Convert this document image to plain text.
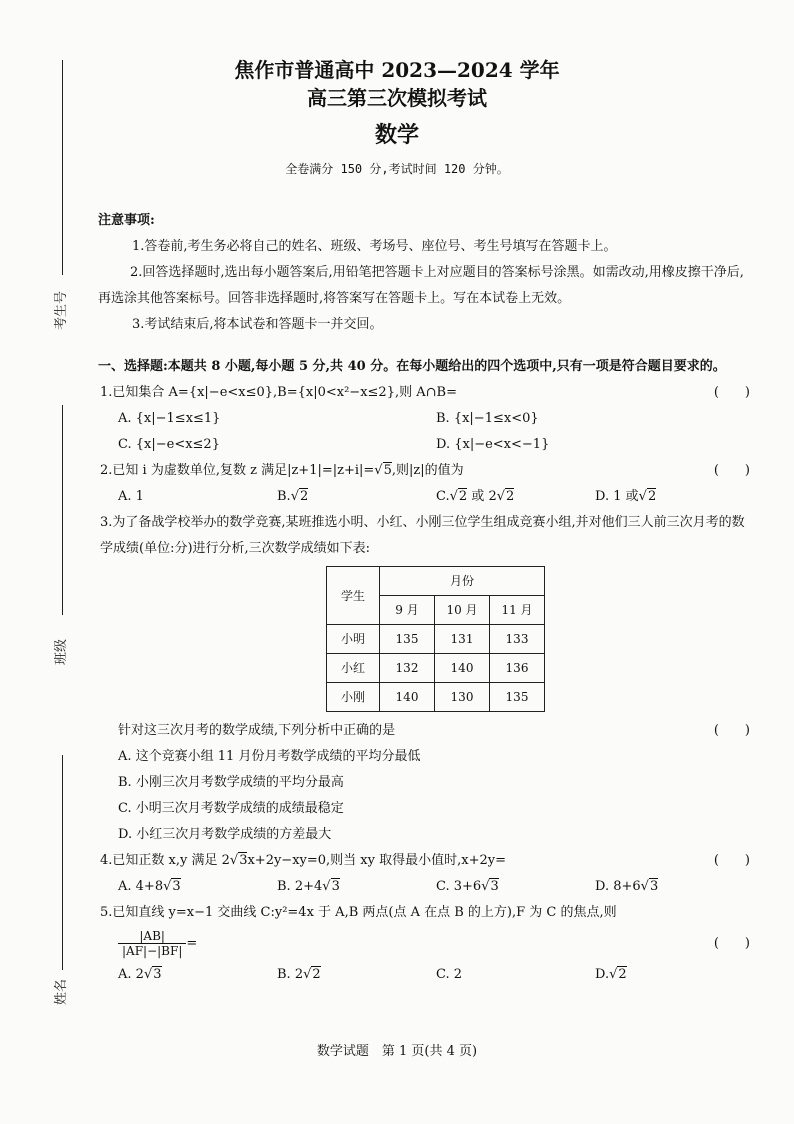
考生号
班级
姓名
焦作市普通高中 2023—2024 学年
高三第三次模拟考试
数学
全卷满分 150 分,考试时间 120 分钟。
注意事项:
1.答卷前,考生务必将自己的姓名、班级、考场号、座位号、考生号填写在答题卡上。
2.回答选择题时,选出每小题答案后,用铅笔把答题卡上对应题目的答案标号涂黑。如需改动,用橡皮擦干净后,再选涂其他答案标号。回答非选择题时,将答案写在答题卡上。写在本试卷上无效。
3.考试结束后,将本试卷和答题卡一并交回。
一、选择题:本题共 8 小题,每小题 5 分,共 40 分。在每小题给出的四个选项中,只有一项是符合题目要求的。
1.已知集合 A={x|−e<x≤0},B={x|0<x²−x≤2},则 A∩B=	(　　)
A. {x|−1≤x≤1}	B. {x|−1≤x<0}
C. {x|−e<x≤2}	D. {x|−e<x<−1}
2.已知 i 为虚数单位,复数 z 满足|z+1|=|z+i|=√5,则|z|的值为	(　　)
A. 1	B.√2	C.√2 或 2√2	D. 1 或√2
3.为了备战学校举办的数学竞赛,某班推选小明、小红、小刚三位学生组成竞赛小组,并对他们三人前三次月考的数学成绩(单位:分)进行分析,三次数学成绩如下表:
学生	月份		
	9 月	10 月	11 月
小明	135	131	133
小红	132	140	136
小刚	140	130	135
针对这三次月考的数学成绩,下列分析中正确的是	(　　)
A. 这个竞赛小组 11 月份月考数学成绩的平均分最低
B. 小刚三次月考数学成绩的平均分最高
C. 小明三次月考数学成绩的成绩最稳定
D. 小红三次月考数学成绩的方差最大
4.已知正数 x,y 满足 2√3x+2y−xy=0,则当 xy 取得最小值时,x+2y=	(　　)
A. 4+8√3	B. 2+4√3	C. 3+6√3	D. 8+6√3
5.已知直线 y=x−1 交曲线 C:y²=4x 于 A,B 两点(点 A 在点 B 的上方),F 为 C 的焦点,则
$\frac{|AB|}{|AF|-|BF|}$ =	(　　)
A. 2√3	B. 2√2	C. 2	D.√2
数学试题　第 1 页(共 4 页)
